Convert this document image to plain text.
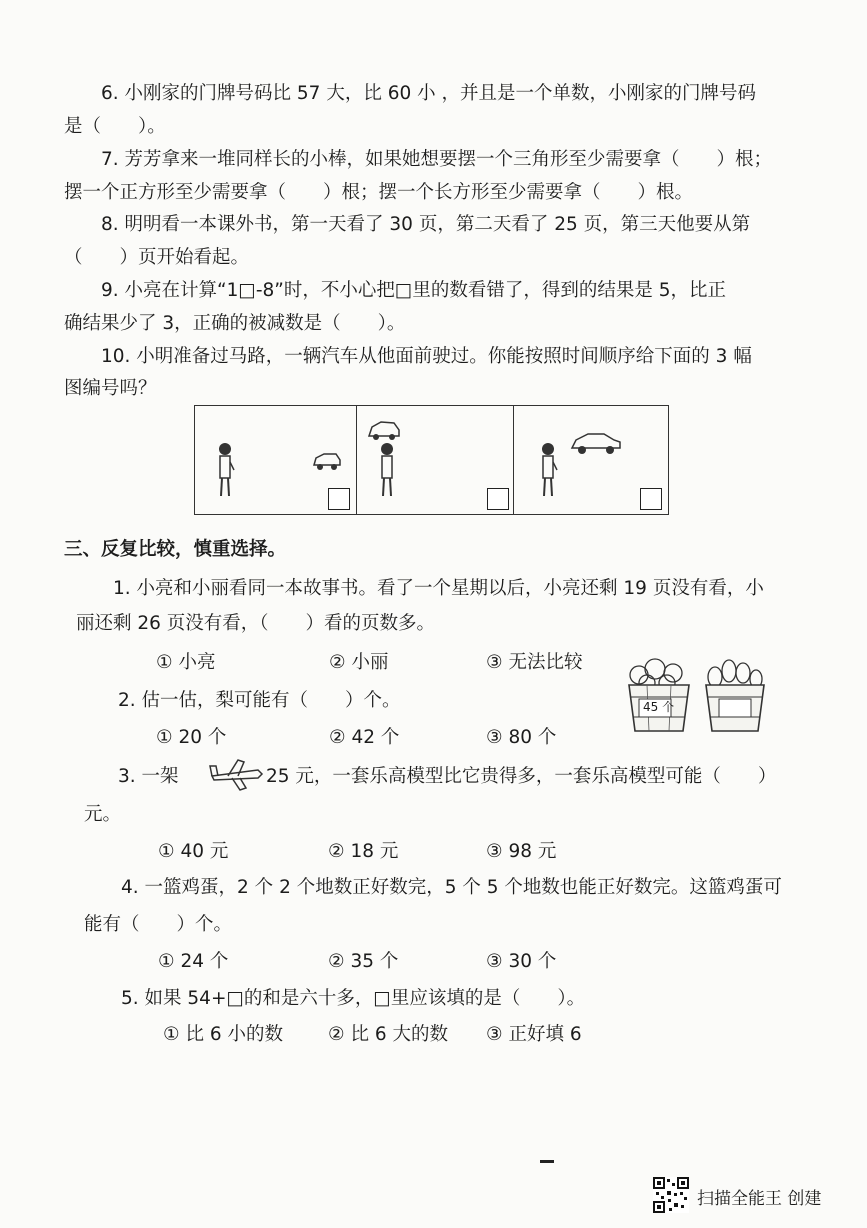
6. 小刚家的门牌号码比 57 大，比 60 小 ，并且是一个单数，小刚家的门牌号码
是（　　）。
7. 芳芳拿来一堆同样长的小棒，如果她想要摆一个三角形至少需要拿（　　）根；
摆一个正方形至少需要拿（　　）根；摆一个长方形至少需要拿（　　）根。
8. 明明看一本课外书，第一天看了 30 页，第二天看了 25 页，第三天他要从第
（　　）页开始看起。
9. 小亮在计算“1□-8”时，不小心把□里的数看错了，得到的结果是 5，比正
确结果少了 3，正确的被减数是（　　）。
10. 小明准备过马路，一辆汽车从他面前驶过。你能按照时间顺序给下面的 3 幅
图编号吗？
三、反复比较，慎重选择。
1. 小亮和小丽看同一本故事书。看了一个星期以后，小亮还剩 19 页没有看，小
丽还剩 26 页没有看，（　　）看的页数多。
① 小亮	② 小丽	③ 无法比较
45 个
2. 估一估，梨可能有（　　）个。
① 20 个	② 42 个	③ 80 个
3. 一架	25 元，一套乐高模型比它贵得多，一套乐高模型可能（　　）
元。
① 40 元	② 18 元	③ 98 元
4. 一篮鸡蛋，2 个 2 个地数正好数完，5 个 5 个地数也能正好数完。这篮鸡蛋可
能有（　　）个。
① 24 个	② 35 个	③ 30 个
5. 如果 54+□的和是六十多，□里应该填的是（　　）。
① 比 6 小的数 ② 比 6 大的数 ③ 正好填 6
扫描全能王 创建
